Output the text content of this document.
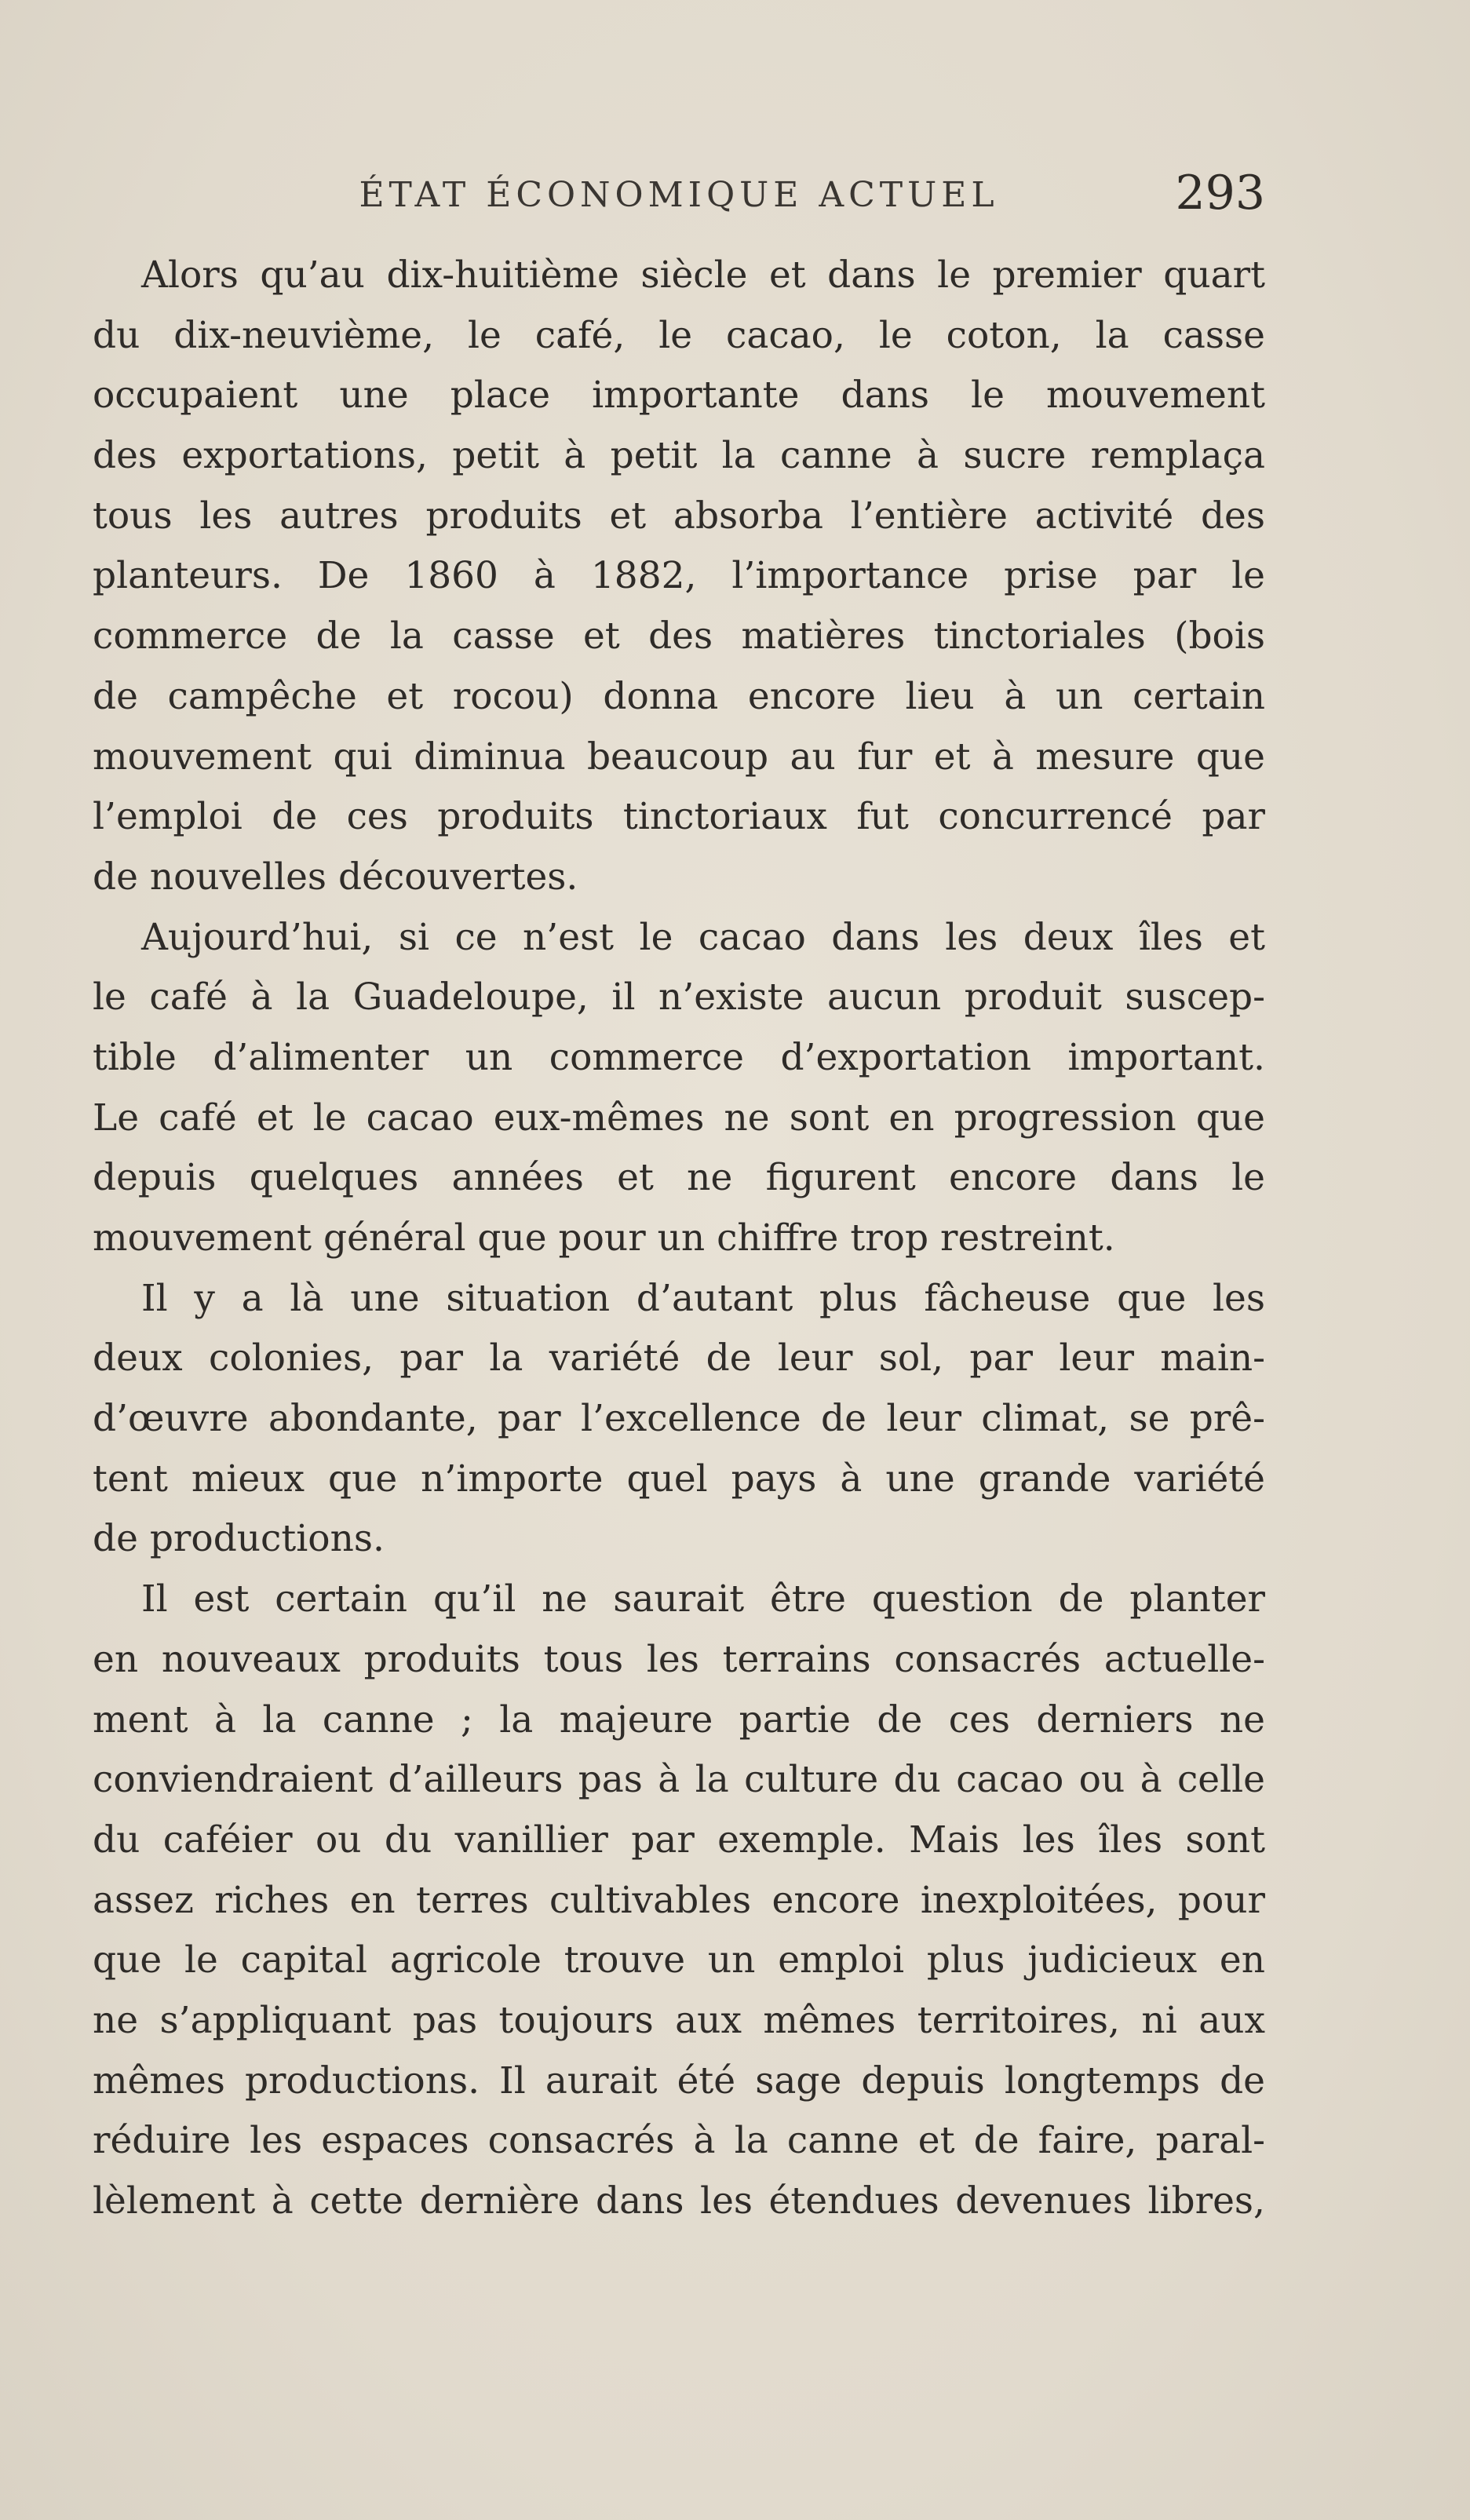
ÉTAT ÉCONOMIQUE ACTUEL	293

Alors qu’au dix-huitième siècle et dans le premier quart
du dix-neuvième, le café, le cacao, le coton, la casse
occupaient une place importante dans le mouvement
des exportations, petit à petit la canne à sucre remplaça
tous les autres produits et absorba l’entière activité des
planteurs. De 1860 à 1882, l’importance prise par le
commerce de la casse et des matières tinctoriales (bois
de campêche et rocou) donna encore lieu à un certain
mouvement qui diminua beaucoup au fur et à mesure que
l’emploi de ces produits tinctoriaux fut concurrencé par
de nouvelles découvertes.

Aujourd’hui, si ce n’est le cacao dans les deux îles et
le café à la Guadeloupe, il n’existe aucun produit suscep-
tible d’alimenter un commerce d’exportation important.
Le café et le cacao eux-mêmes ne sont en progression que
depuis quelques années et ne figurent encore dans le
mouvement général que pour un chiffre trop restreint.

Il y a là une situation d’autant plus fâcheuse que les
deux colonies, par la variété de leur sol, par leur main-
d’œuvre abondante, par l’excellence de leur climat, se prê-
tent mieux que n’importe quel pays à une grande variété
de productions.

Il est certain qu’il ne saurait être question de planter
en nouveaux produits tous les terrains consacrés actuelle-
ment à la canne ; la majeure partie de ces derniers ne
conviendraient d’ailleurs pas à la culture du cacao ou à celle
du caféier ou du vanillier par exemple. Mais les îles sont
assez riches en terres cultivables encore inexploitées, pour
que le capital agricole trouve un emploi plus judicieux en
ne s’appliquant pas toujours aux mêmes territoires, ni aux
mêmes productions. Il aurait été sage depuis longtemps de
réduire les espaces consacrés à la canne et de faire, paral-
lèlement à cette dernière dans les étendues devenues libres,
